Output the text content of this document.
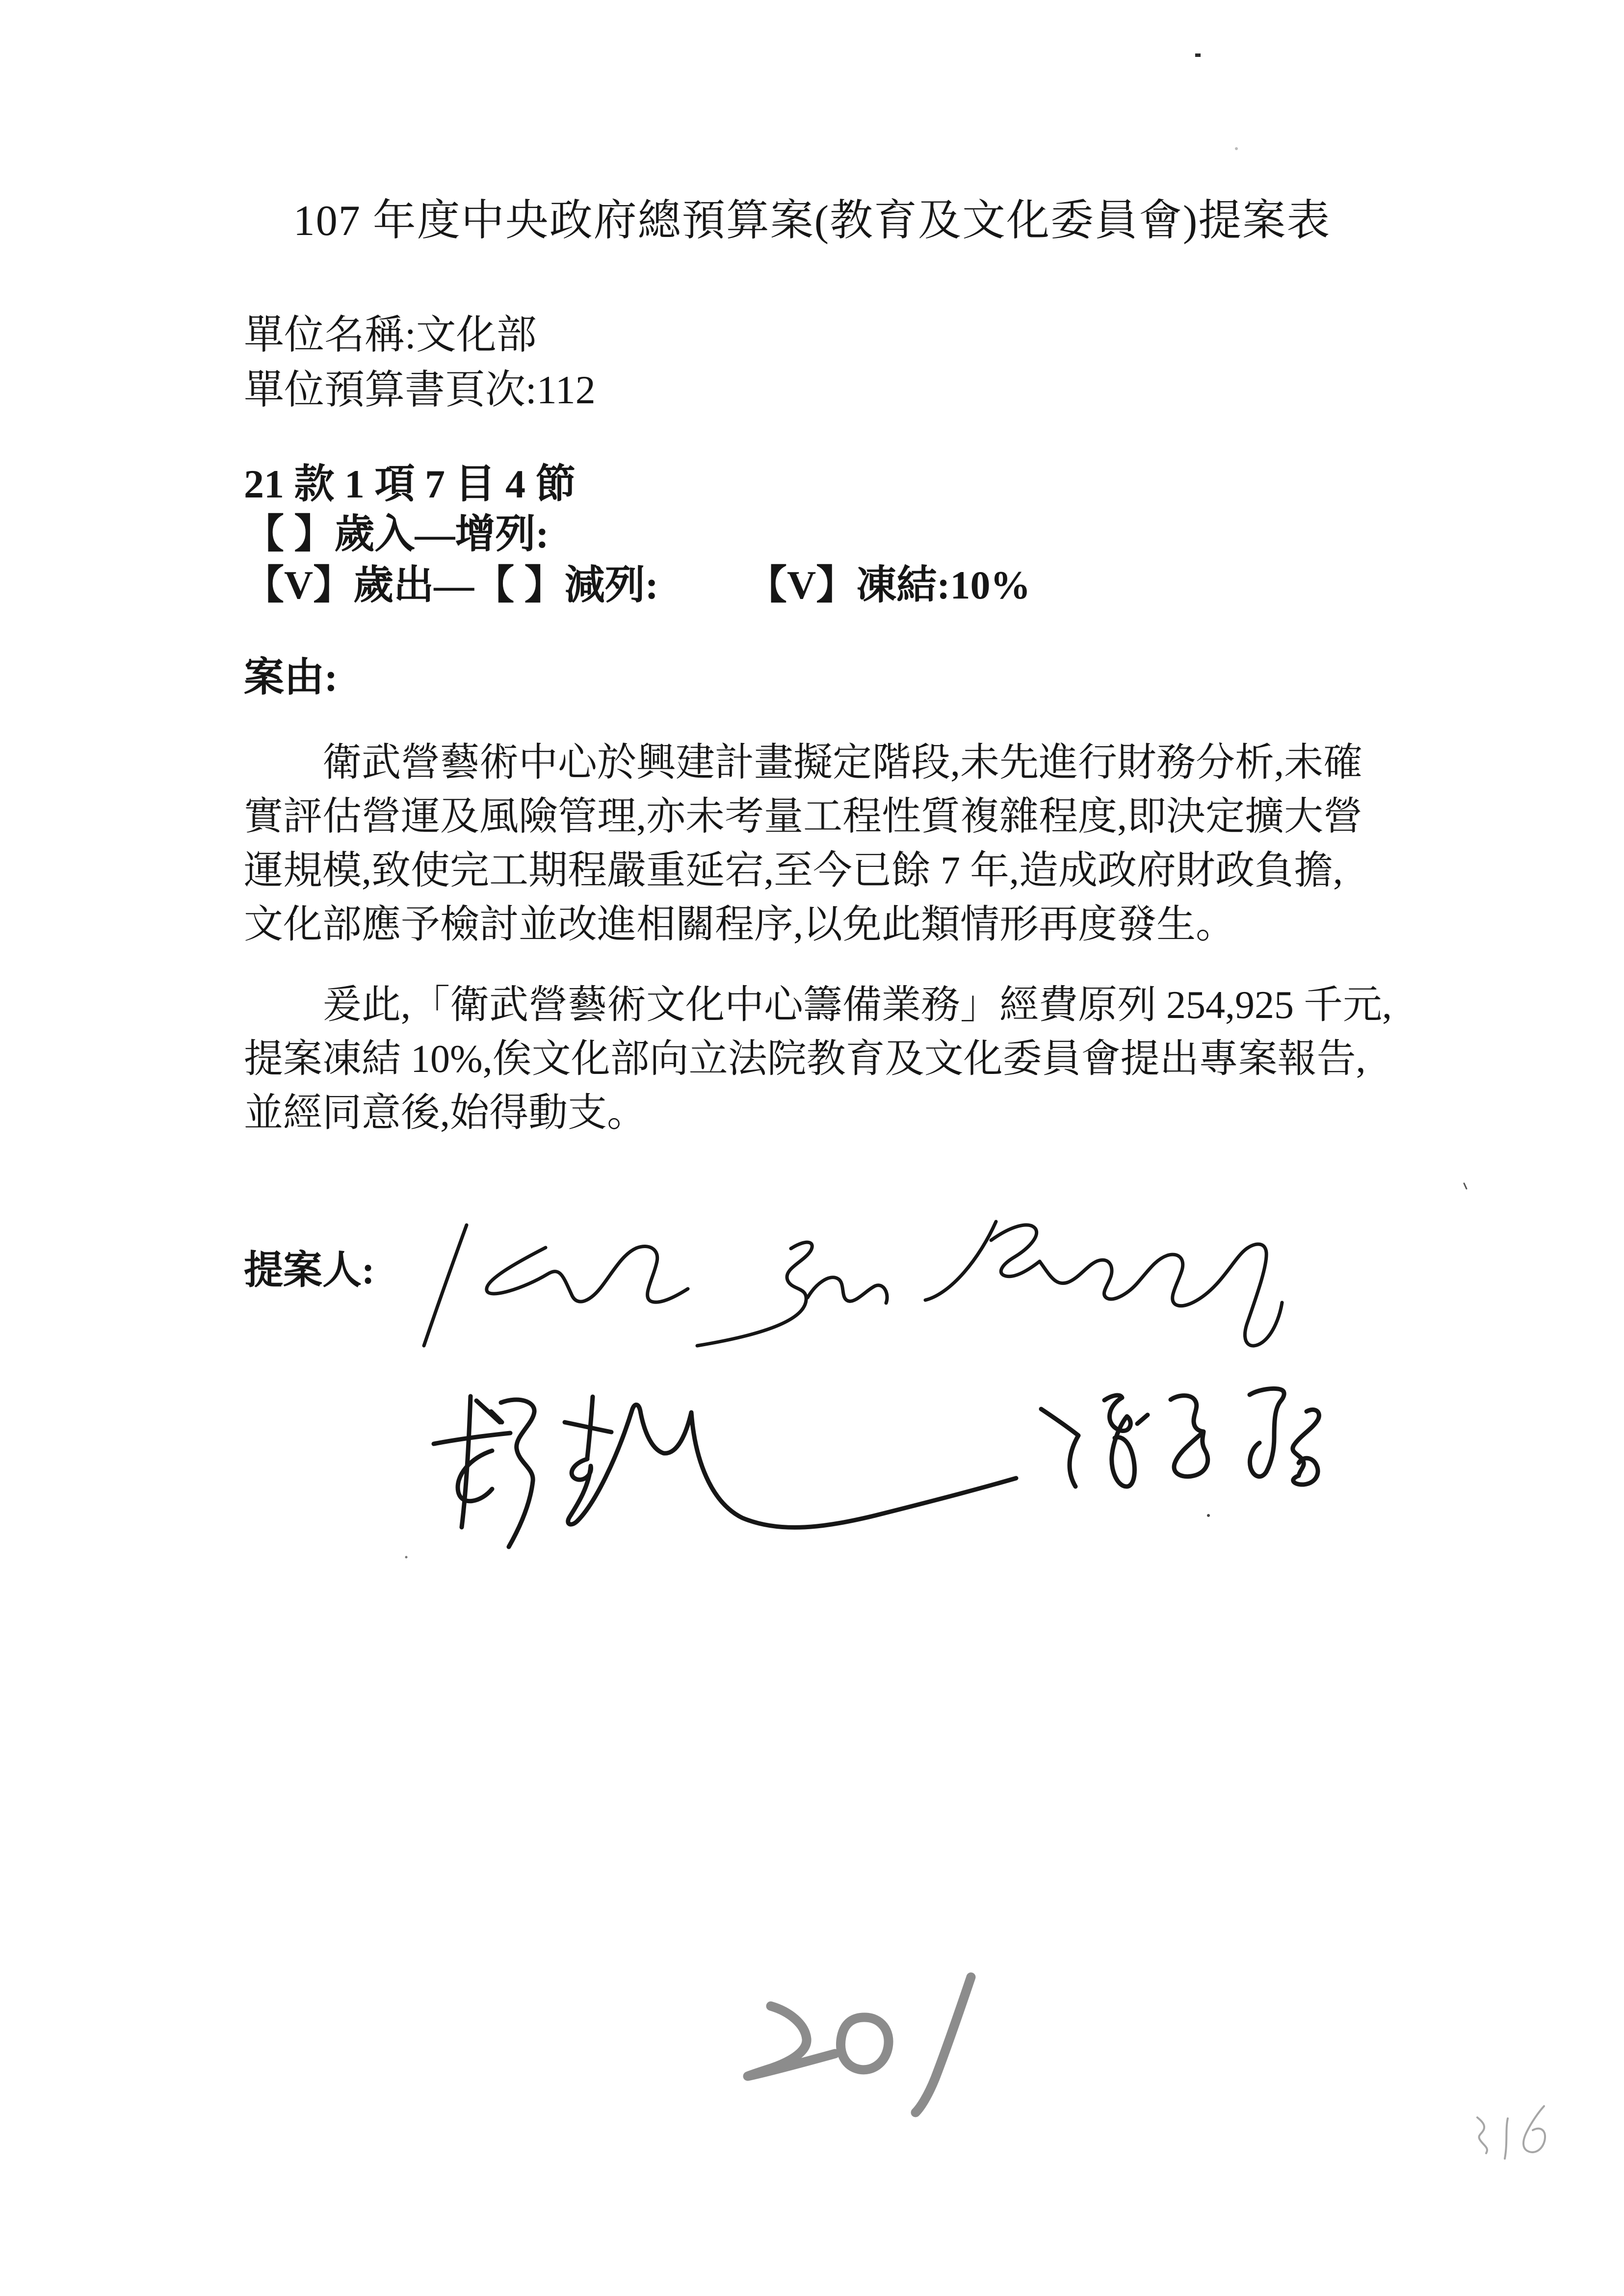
107 年度中央政府總預算案(教育及文化委員會)提案表
單位名稱:文化部
單位預算書頁次:112
21 款 1 項 7 目 4 節
【 】歲入—增列:
【V】歲出—【 】減列: 【V】凍結:10%
案由:
衛武營藝術中心於興建計畫擬定階段,未先進行財務分析,未確
實評估營運及風險管理,亦未考量工程性質複雜程度,即決定擴大營
運規模,致使完工期程嚴重延宕,至今已餘 7 年,造成政府財政負擔,
文化部應予檢討並改進相關程序,以免此類情形再度發生。
爰此,「衛武營藝術文化中心籌備業務」經費原列 254,925 千元,
提案凍結 10%,俟文化部向立法院教育及文化委員會提出專案報告,
並經同意後,始得動支。
提案人:
